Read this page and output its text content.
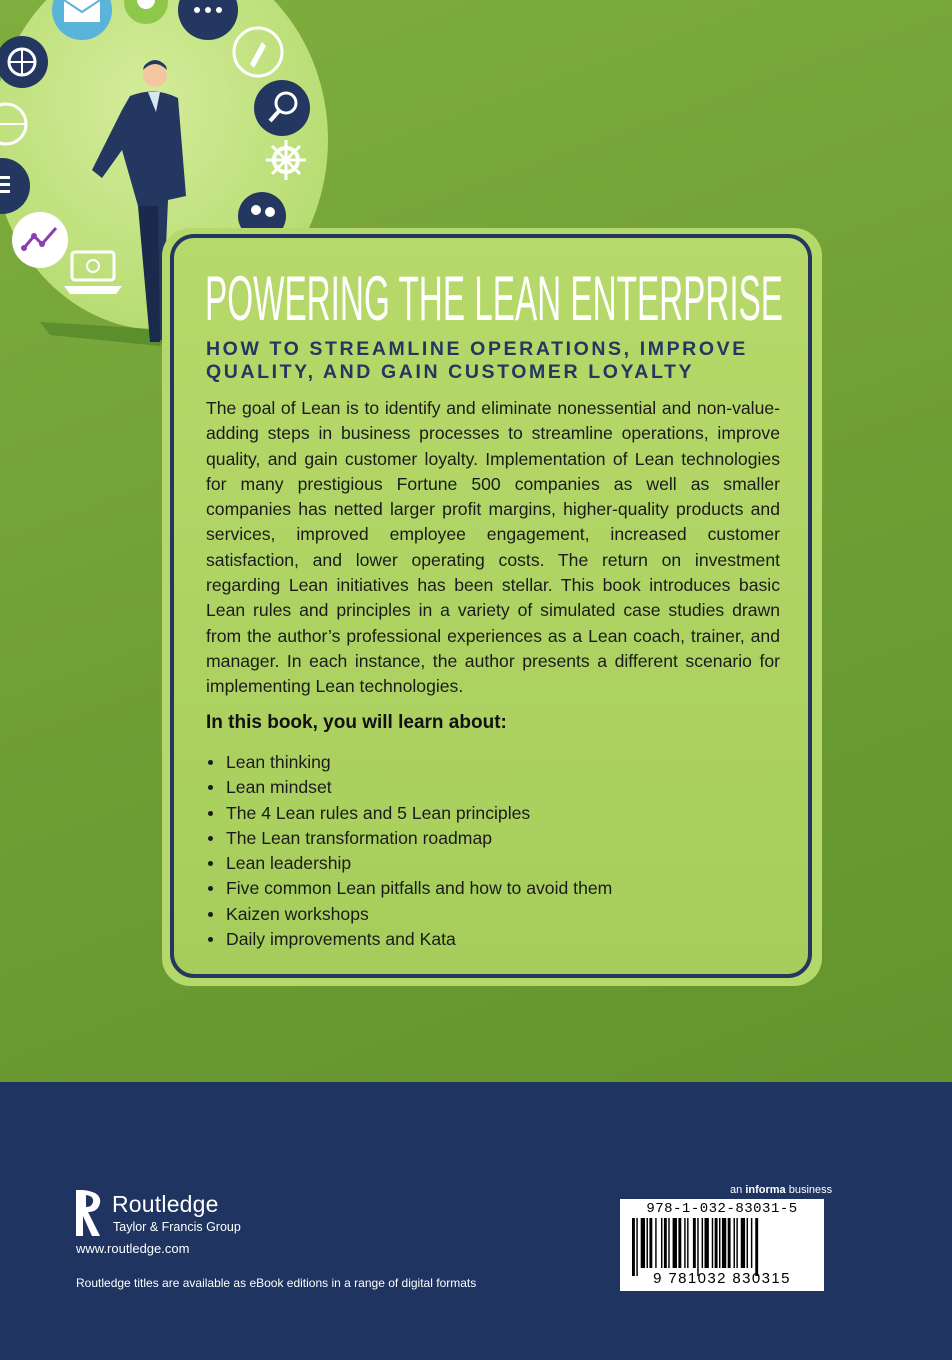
POWERING THE LEAN ENTERPRISE

HOW TO STREAMLINE OPERATIONS, IMPROVE QUALITY, AND GAIN CUSTOMER LOYALTY

The goal of Lean is to identify and eliminate nonessential and non-value-adding steps in business processes to streamline operations, improve quality, and gain customer loyalty. Implementation of Lean technologies for many prestigious Fortune 500 companies as well as smaller companies has netted larger profit margins, higher-quality products and services, improved employee engagement, increased customer satisfaction, and lower operating costs. The return on investment regarding Lean initiatives has been stellar. This book introduces basic Lean rules and principles in a variety of simulated case studies drawn from the author’s professional experiences as a Lean coach, trainer, and manager. In each instance, the author presents a different scenario for implementing Lean technologies.

In this book, you will learn about:

Lean thinking
Lean mindset
The 4 Lean rules and 5 Lean principles
The Lean transformation roadmap
Lean leadership
Five common Lean pitfalls and how to avoid them
Kaizen workshops
Daily improvements and Kata
Routledge
Taylor & Francis Group
www.routledge.com
Routledge titles are available as eBook editions in a range of digital formats
an informa business

978-1-032-83031-5

9 781032 830315
